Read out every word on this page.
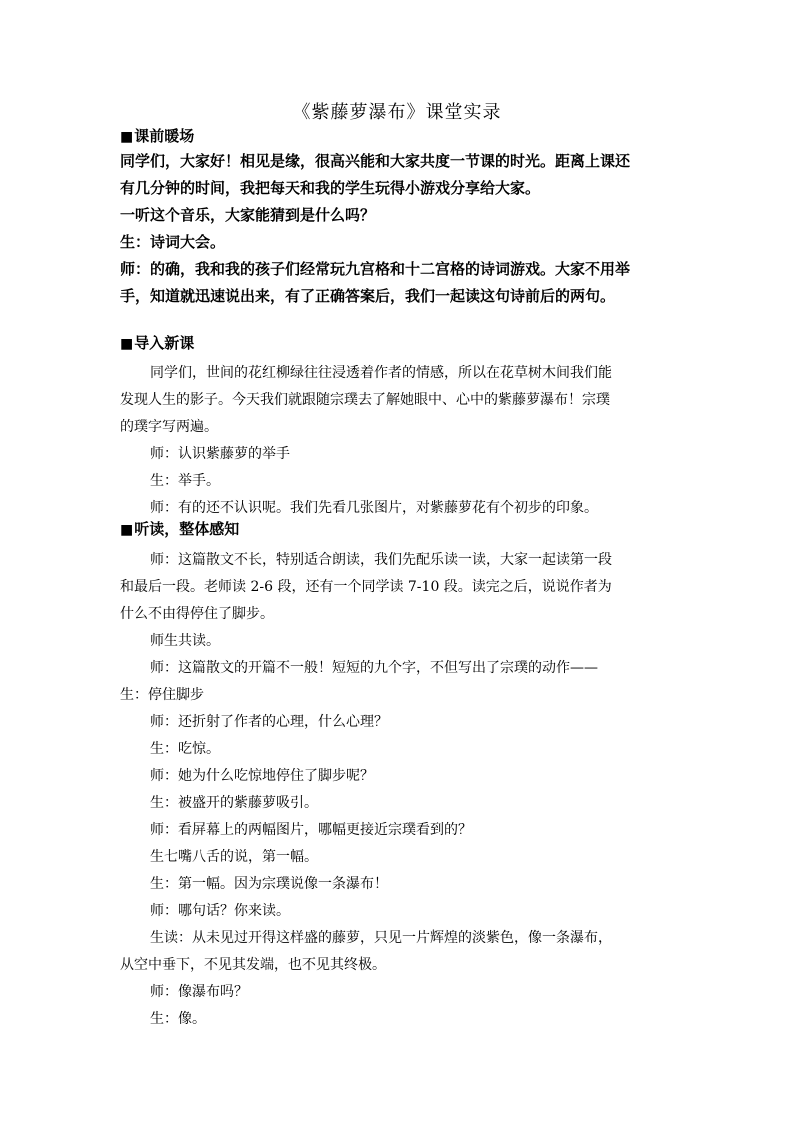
《紫藤萝瀑布》课堂实录
■课前暖场
同学们，大家好！相见是缘，很高兴能和大家共度一节课的时光。距离上课还
有几分钟的时间，我把每天和我的学生玩得小游戏分享给大家。
一听这个音乐，大家能猜到是什么吗？
生：诗词大会。
师：的确，我和我的孩子们经常玩九宫格和十二宫格的诗词游戏。大家不用举
手，知道就迅速说出来，有了正确答案后，我们一起读这句诗前后的两句。
■导入新课
同学们，世间的花红柳绿往往浸透着作者的情感，所以在花草树木间我们能
发现人生的影子。今天我们就跟随宗璞去了解她眼中、心中的紫藤萝瀑布！宗璞
的璞字写两遍。
师：认识紫藤萝的举手
生：举手。
师：有的还不认识呢。我们先看几张图片，对紫藤萝花有个初步的印象。
■听读，整体感知
师：这篇散文不长，特别适合朗读，我们先配乐读一读，大家一起读第一段
和最后一段。老师读 2-6 段，还有一个同学读 7-10 段。读完之后，说说作者为
什么不由得停住了脚步。
师生共读。
师：这篇散文的开篇不一般！短短的九个字，不但写出了宗璞的动作——
生：停住脚步
师：还折射了作者的心理，什么心理？
生：吃惊。
师：她为什么吃惊地停住了脚步呢？
生：被盛开的紫藤萝吸引。
师：看屏幕上的两幅图片，哪幅更接近宗璞看到的？
生七嘴八舌的说，第一幅。
生：第一幅。因为宗璞说像一条瀑布！
师：哪句话？你来读。
生读：从未见过开得这样盛的藤萝，只见一片辉煌的淡紫色，像一条瀑布，
从空中垂下，不见其发端，也不见其终极。
师：像瀑布吗？
生：像。
